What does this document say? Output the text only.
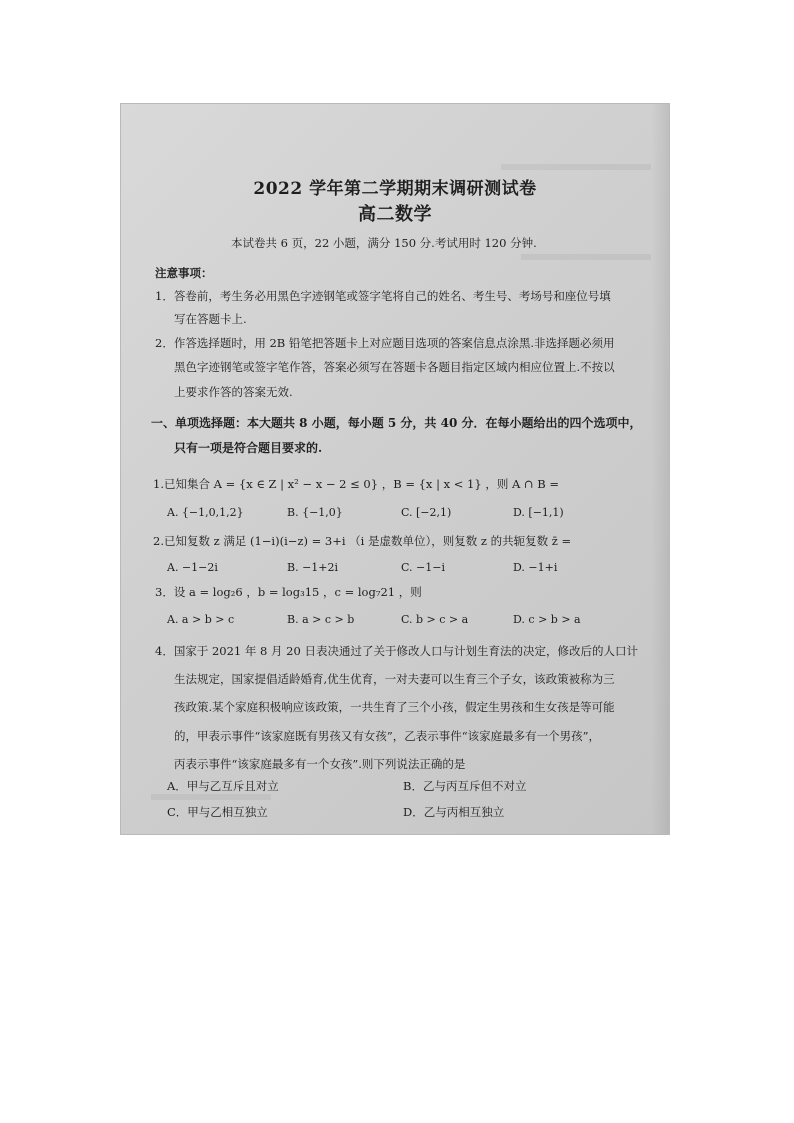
2022 学年第二学期期末调研测试卷
高二数学
本试卷共 6 页，22 小题，满分 150 分.考试用时 120 分钟.
注意事项：
1．答卷前，考生务必用黑色字迹钢笔或签字笔将自己的姓名、考生号、考场号和座位号填
写在答题卡上.
2．作答选择题时，用 2B 铅笔把答题卡上对应题目选项的答案信息点涂黑.非选择题必须用
黑色字迹钢笔或签字笔作答，答案必须写在答题卡各题目指定区域内相应位置上.不按以
上要求作答的答案无效.
一、单项选择题：本大题共 8 小题，每小题 5 分，共 40 分．在每小题给出的四个选项中，
只有一项是符合题目要求的.
1.已知集合 A = {x ∈ Z | x² − x − 2 ≤ 0} ，B = {x | x < 1} ，则 A ∩ B =
A. {−1,0,1,2}	B. {−1,0}	C. [−2,1)	D. [−1,1)
2.已知复数 z 满足 (1−i)(i−z) = 3+i （i 是虚数单位），则复数 z 的共轭复数 z̄ =
A. −1−2i	B. −1+2i	C. −1−i	D. −1+i
3．设 a = log₂6 ，b = log₃15 ，c = log₇21 ，则
A. a > b > c	B. a > c > b	C. b > c > a	D. c > b > a
4．国家于 2021 年 8 月 20 日表决通过了关于修改人口与计划生育法的决定，修改后的人口计
生法规定，国家提倡适龄婚育,优生优育，一对夫妻可以生育三个子女，该政策被称为三
孩政策.某个家庭积极响应该政策，一共生育了三个小孩，假定生男孩和生女孩是等可能
的，甲表示事件“该家庭既有男孩又有女孩”，乙表示事件“该家庭最多有一个男孩”，
丙表示事件“该家庭最多有一个女孩”.则下列说法正确的是
A．甲与乙互斥且对立	B．乙与丙互斥但不对立
C．甲与乙相互独立	D．乙与丙相互独立
